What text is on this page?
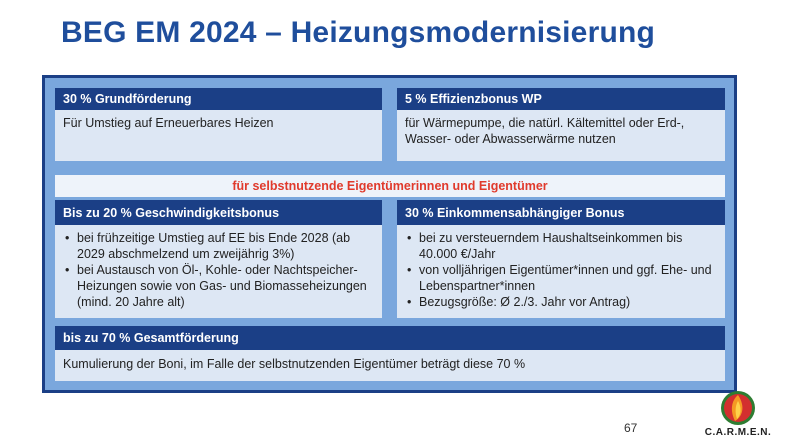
BEG EM 2024 – Heizungsmodernisierung
30 % Grundförderung
Für Umstieg auf Erneuerbares Heizen
5 % Effizienzbonus WP
für Wärmepumpe, die natürl. Kältemittel oder Erd-, Wasser- oder Abwasserwärme nutzen
für selbstnutzende Eigentümerinnen und Eigentümer
Bis zu 20 % Geschwindigkeitsbonus
• bei frühzeitige Umstieg auf EE bis Ende 2028 (ab 2029 abschmelzend um zweijährig 3%)
• bei Austausch von Öl-, Kohle- oder Nachtspeicher-Heizungen sowie von Gas- und Biomasseheizungen (mind. 20 Jahre alt)
30 % Einkommensabhängiger Bonus
• bei zu versteuerndem Haushaltseinkommen bis 40.000 €/Jahr
• von volljährigen Eigentümer*innen und ggf. Ehe- und Lebenspartner*innen
• Bezugsgröße: Ø 2./3. Jahr vor Antrag)
bis zu 70 % Gesamtförderung
Kumulierung der Boni, im Falle der selbstnutzenden Eigentümer beträgt diese 70 %
67	C.A.R.M.E.N.
